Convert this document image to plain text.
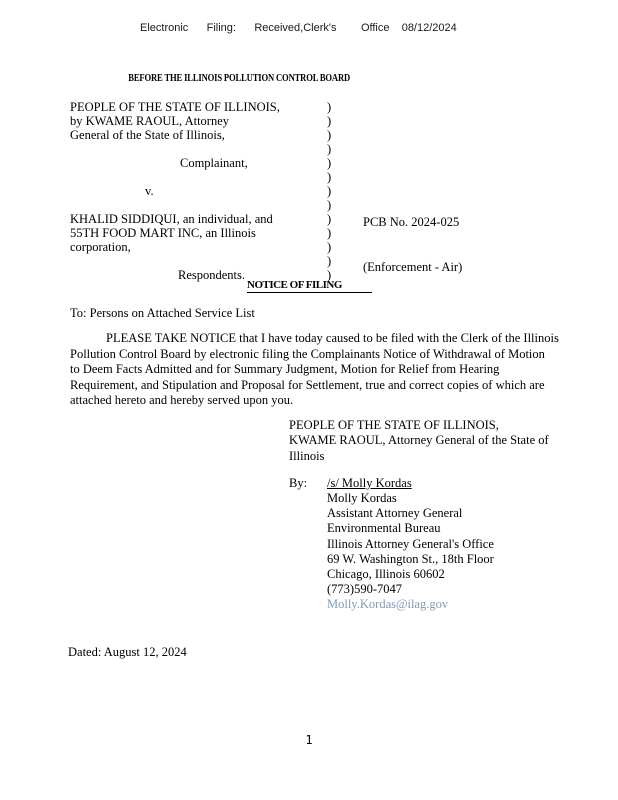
Electronic      Filing:      Received,Clerk's        Office    08/12/2024
BEFORE THE ILLINOIS POLLUTION CONTROL BOARD
PEOPLE OF THE STATE OF ILLINOIS,
by KWAME RAOUL, Attorney
General of the State of Illinois,
Complainant,
v.
KHALID SIDDIQUI, an individual, and
55TH FOOD MART INC, an Illinois
corporation,
Respondents.
)
)
)
)
)
)
)
)
)
)
)
)
)

PCB No. 2024-025

(Enforcement - Air)

NOTICE OF FILING
To: Persons on Attached Service List
PLEASE TAKE NOTICE that I have today caused to be filed with the Clerk of the Illinois
Pollution Control Board by electronic filing the Complainants Notice of Withdrawal of Motion
to Deem Facts Admitted and for Summary Judgment, Motion for Relief from Hearing
Requirement, and Stipulation and Proposal for Settlement, true and correct copies of which are
attached hereto and hereby served upon you.
PEOPLE OF THE STATE OF ILLINOIS,
KWAME RAOUL, Attorney General of the State of
Illinois
By: /s/ Molly Kordas
Molly Kordas
Assistant Attorney General
Environmental Bureau
Illinois Attorney General's Office
69 W. Washington St., 18th Floor
Chicago, Illinois 60602
(773)590-7047
Molly.Kordas@ilag.gov
Dated: August 12, 2024
1
